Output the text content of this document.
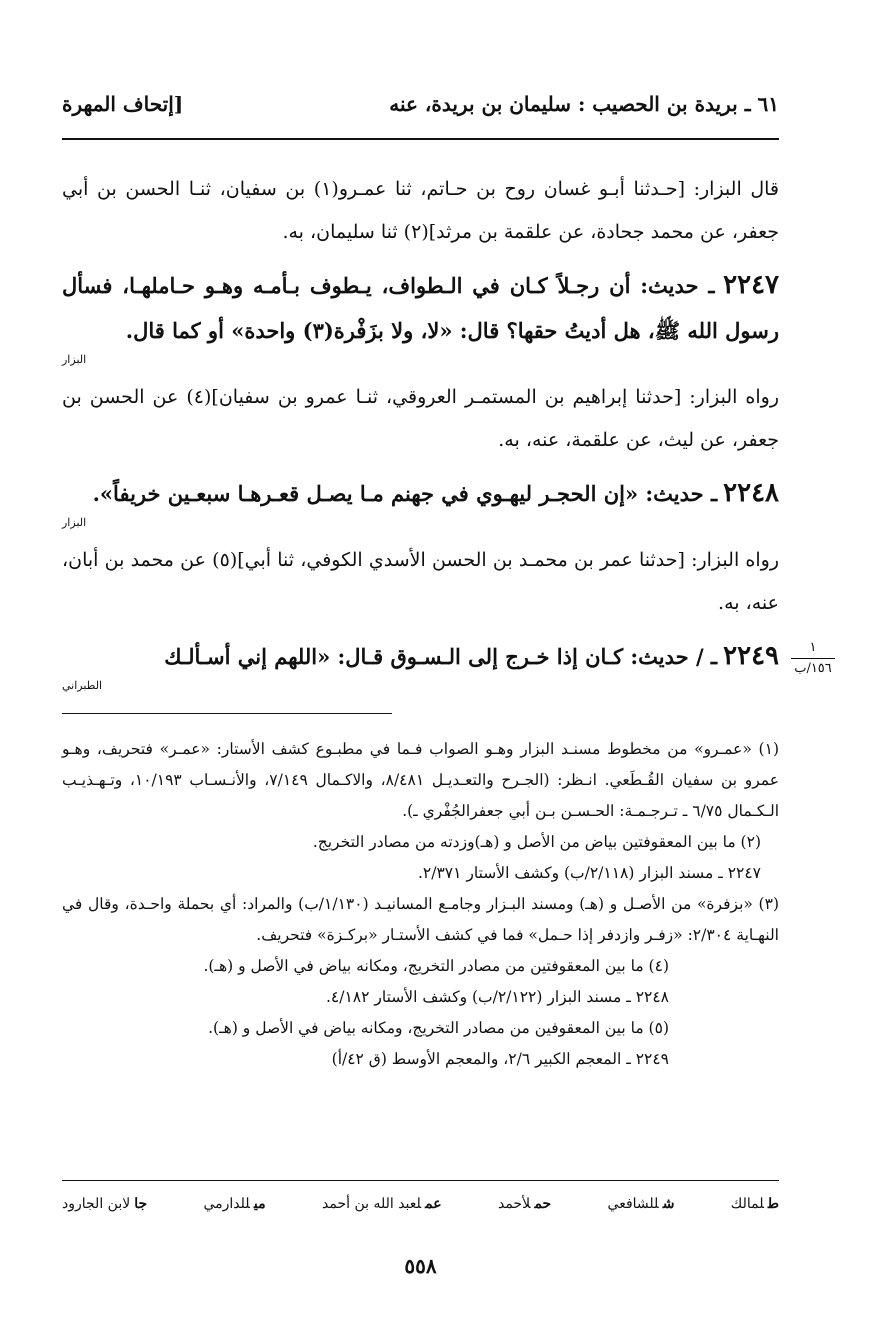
٦١ ـ بريدة بن الحصيب : سليمان بن بريدة، عنه
[إتحاف المهرة

قال البزار: [حـدثنا أبـو غسان روح بن حـاتم، ثنا عمـرو(١) بن سفيان، ثنـا الحسن بن أبي جعفر، عن محمد جحادة، عن علقمة بن مرثد](٢) ثنا سليمان، به.

٢٢٤٧ ـ حديث: أن رجـلاً كـان في الـطواف، يـطوف بـأمـه وهـو حـاملهـا، فسأل رسول الله ﷺ، هل أديتُ حقها؟ قال: «لا، ولا بزَفْرة(٣) واحدة» أو كما قال.
البزار

رواه البزار: [حدثنا إبراهيم بن المستمـر العروقي، ثنـا عمرو بن سفيان](٤) عن الحسن بن جعفر، عن ليث، عن علقمة، عنه، به.

٢٢٤٨ ـ حديث: «إن الحجـر ليهـوي في جهنم مـا يصـل قعـرهـا سبعـين خريفاً».
البزار

رواه البزار: [حدثنا عمر بن محمـد بن الحسن الأسدي الكوفي، ثنا أبي](٥) عن محمد بن أبان، عنه، به.

٢٢٤٩ ـ / حديث: كـان إذا خـرج إلى الـسـوق قـال: «اللهم إني أسـألـك
الطبراني

(١) «عمـرو» من مخطوط مسنـد البزار وهـو الصواب فـما في مطبـوع كشف الأستار: «عمـر» فتحريف، وهـو عمرو بن سفيان القُـطَعي. انـظر: (الجـرح والتعـديـل ٨/٤٨١، والاكـمال ٧/١٤٩، والأنـسـاب ١٠/١٩٣، وتـهـذيـب الـكـمال ٦/٧٥ ـ تـرجـمـة: الحـسـن بـن أبي جعفرالجُفْري ـ).

(٢) ما بين المعقوفتين بياض من الأصل و (هـ)وزدته من مصادر التخريج.

٢٢٤٧ ـ مسند البزار (٢/١١٨/ب) وكشف الأستار ٢/٣٧١.

(٣) «بزفرة» من الأصـل و (هـ) ومسند البـزار وجامـع المسانيـد (١/١٣٠/ب) والمراد: أي بحملة واحـدة، وقال في النهـاية ٢/٣٠٤: «زفـر وازدفر إذا حـمل» فما في كشف الأستـار «بركـزة» فتحريف.

(٤) ما بين المعقوفتين من مصادر التخريج، ومكانه بياض في الأصل و (هـ).

٢٢٤٨ ـ مسند البزار (٢/١٢٢/ب) وكشف الأستار ٤/١٨٢.

(٥) ما بين المعقوفين من مصادر التخريج، ومكانه بياض في الأصل و (هـ).

٢٢٤٩ ـ المعجم الكبير ٢/٦، والمعجم الأوسط (ق ٤٢/أ)

طلمالك
شللشافعي
حملأحمد
عملعبد الله بن أحمد
ميللدارمي
جالابن الجارود
٥٥٨
١
١٥٦/ب
